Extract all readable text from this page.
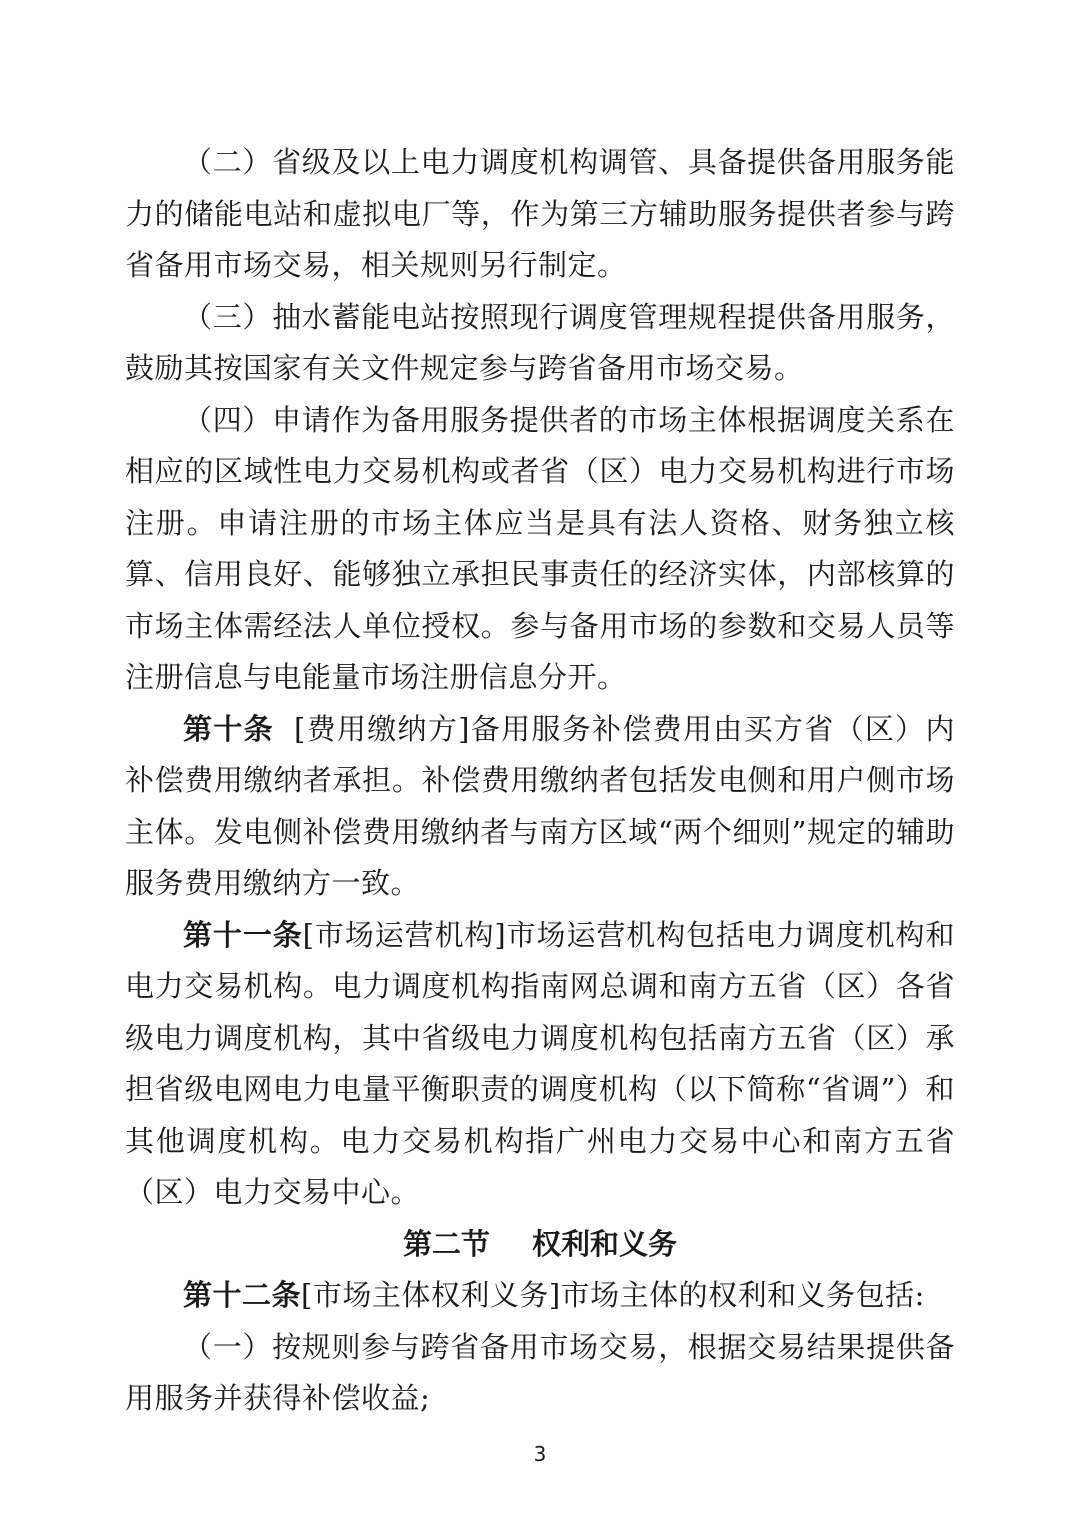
（二）省级及以上电力调度机构调管、具备提供备用服务能力的储能电站和虚拟电厂等，作为第三方辅助服务提供者参与跨省备用市场交易，相关规则另行制定。

（三）抽水蓄能电站按照现行调度管理规程提供备用服务，鼓励其按国家有关文件规定参与跨省备用市场交易。

（四）申请作为备用服务提供者的市场主体根据调度关系在相应的区域性电力交易机构或者省（区）电力交易机构进行市场注册。申请注册的市场主体应当是具有法人资格、财务独立核算、信用良好、能够独立承担民事责任的经济实体，内部核算的市场主体需经法人单位授权。参与备用市场的参数和交易人员等注册信息与电能量市场注册信息分开。

第十条 [费用缴纳方]备用服务补偿费用由买方省（区）内补偿费用缴纳者承担。补偿费用缴纳者包括发电侧和用户侧市场主体。发电侧补偿费用缴纳者与南方区域“两个细则”规定的辅助服务费用缴纳方一致。

第十一条[市场运营机构]市场运营机构包括电力调度机构和电力交易机构。电力调度机构指南网总调和南方五省（区）各省级电力调度机构，其中省级电力调度机构包括南方五省（区）承担省级电网电力电量平衡职责的调度机构（以下简称“省调”）和其他调度机构。电力交易机构指广州电力交易中心和南方五省（区）电力交易中心。

第二节 权利和义务

第十二条[市场主体权利义务]市场主体的权利和义务包括:

（一）按规则参与跨省备用市场交易，根据交易结果提供备用服务并获得补偿收益;

3
